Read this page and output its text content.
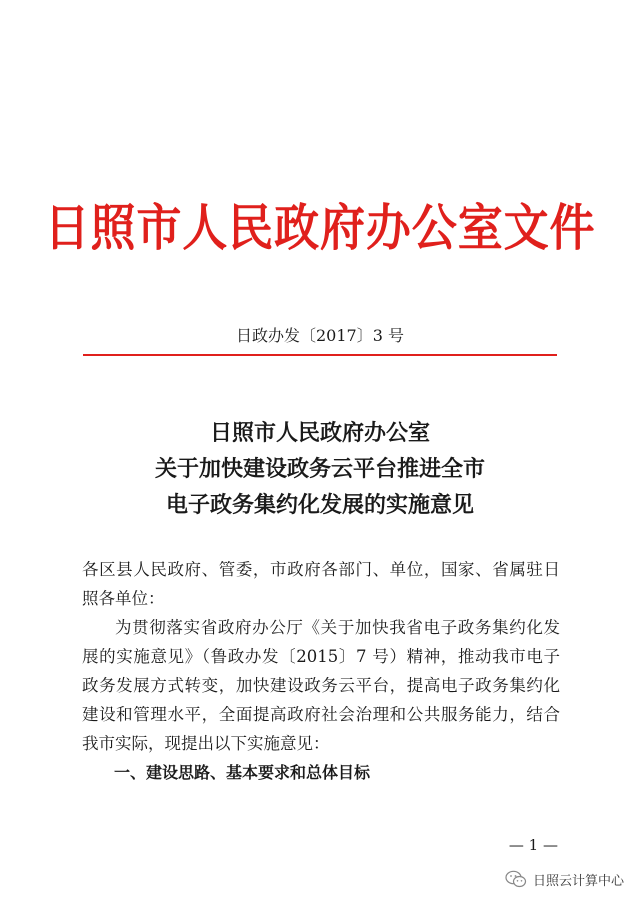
日照市人民政府办公室文件
日政办发〔2017〕3 号
日照市人民政府办公室
关于加快建设政务云平台推进全市
电子政务集约化发展的实施意见

各区县人民政府、管委，市政府各部门、单位，国家、省属驻日照各单位：

为贯彻落实省政府办公厅《关于加快我省电子政务集约化发展的实施意见》（鲁政办发〔2015〕7 号）精神，推动我市电子政务发展方式转变，加快建设政务云平台，提高电子政务集约化建设和管理水平，全面提高政府社会治理和公共服务能力，结合我市实际，现提出以下实施意见：

一、建设思路、基本要求和总体目标

— 1 —
日照云计算中心
